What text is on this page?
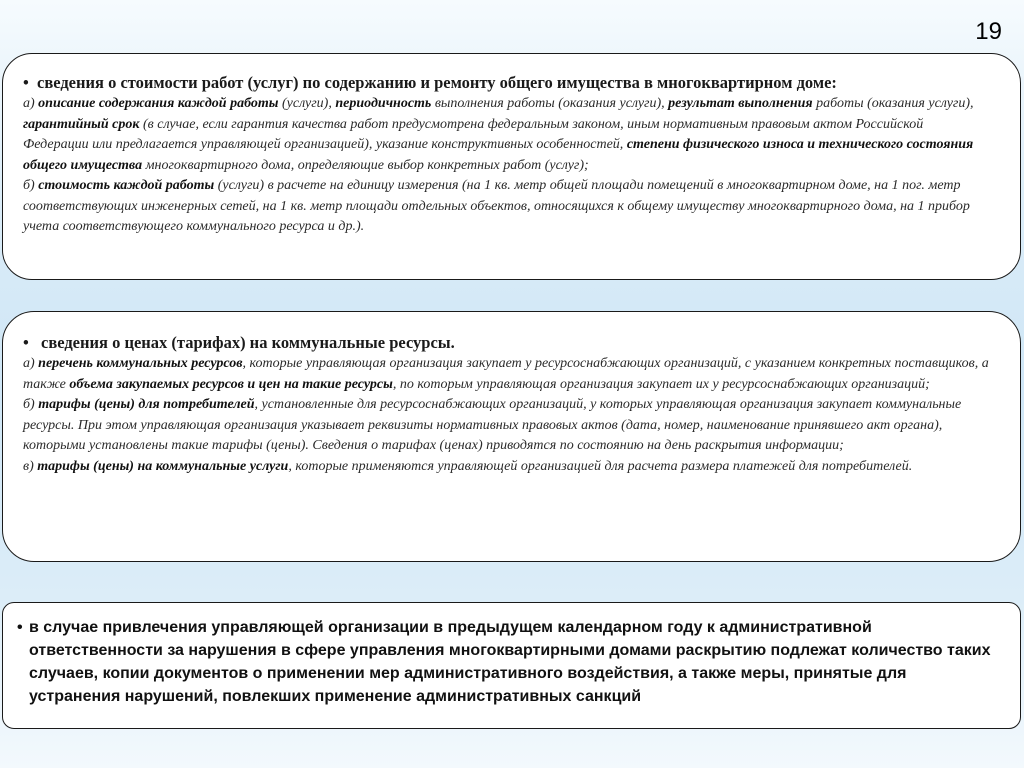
19
• сведения о стоимости работ (услуг) по содержанию и ремонту общего имущества в многоквартирном доме:
а) описание содержания каждой работы (услуги), периодичность выполнения работы (оказания услуги), результат выполнения работы (оказания услуги), гарантийный срок (в случае, если гарантия качества работ предусмотрена федеральным законом, иным нормативным правовым актом Российской Федерации или предлагается управляющей организацией), указание конструктивных особенностей, степени физического износа и технического состояния общего имущества многоквартирного дома, определяющие выбор конкретных работ (услуг);
б) стоимость каждой работы (услуги) в расчете на единицу измерения (на 1 кв. метр общей площади помещений в многоквартирном доме, на 1 пог. метр соответствующих инженерных сетей, на 1 кв. метр площади отдельных объектов, относящихся к общему имуществу многоквартирного дома, на 1 прибор учета соответствующего коммунального ресурса и др.).
• сведения о ценах (тарифах) на коммунальные ресурсы.
а) перечень коммунальных ресурсов, которые управляющая организация закупает у ресурсоснабжающих организаций, с указанием конкретных поставщиков, а также объема закупаемых ресурсов и цен на такие ресурсы, по которым управляющая организация закупает их у ресурсоснабжающих организаций;
б) тарифы (цены) для потребителей, установленные для ресурсоснабжающих организаций, у которых управляющая организация закупает коммунальные ресурсы. При этом управляющая организация указывает реквизиты нормативных правовых актов (дата, номер, наименование принявшего акт органа), которыми установлены такие тарифы (цены). Сведения о тарифах (ценах) приводятся по состоянию на день раскрытия информации;
в) тарифы (цены) на коммунальные услуги, которые применяются управляющей организацией для расчета размера платежей для потребителей.
• в случае привлечения управляющей организации в предыдущем календарном году к административной ответственности за нарушения в сфере управления многоквартирными домами раскрытию подлежат количество таких случаев, копии документов о применении мер административного воздействия, а также меры, принятые для устранения нарушений, повлекших применение административных санкций
